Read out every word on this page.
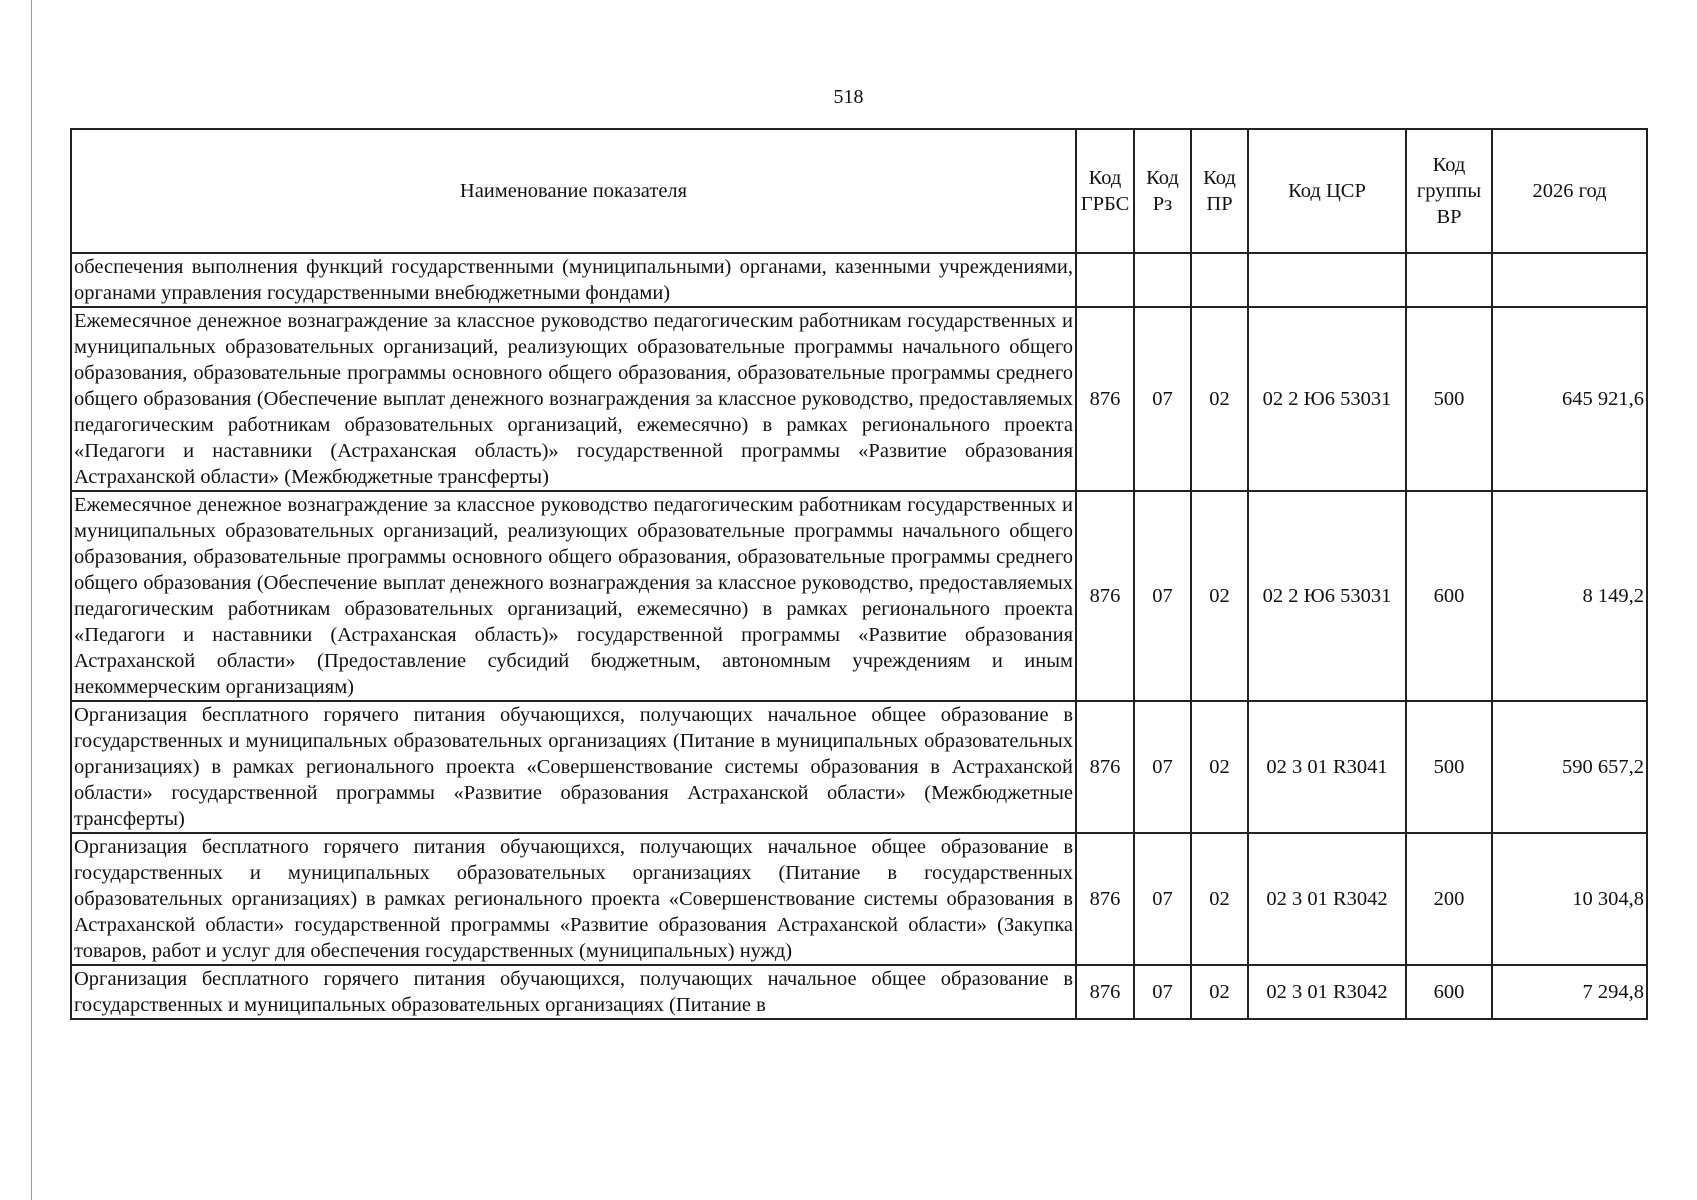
518
Наименование показателя	Код ГРБС	Код Рз	Код ПР	Код ЦСР	Код группы ВР	2026 год
обеспечения выполнения функций государственными (муниципальными) органами, казенными учреждениями, органами управления государственными внебюджетными фондами)						
Ежемесячное денежное вознаграждение за классное руководство педагогическим работникам государственных и муниципальных образовательных организаций, реализующих образовательные программы начального общего образования, образовательные программы основного общего образования, образовательные программы среднего общего образования (Обеспечение выплат денежного вознаграждения за классное руководство, предоставляемых педагогическим работникам образовательных организаций, ежемесячно) в рамках регионального проекта «Педагоги и наставники (Астраханская область)» государственной программы «Развитие образования Астраханской области» (Межбюджетные трансферты)	876	07	02	02 2 Ю6 53031	500	645 921,6
Ежемесячное денежное вознаграждение за классное руководство педагогическим работникам государственных и муниципальных образовательных организаций, реализующих образовательные программы начального общего образования, образовательные программы основного общего образования, образовательные программы среднего общего образования (Обеспечение выплат денежного вознаграждения за классное руководство, предоставляемых педагогическим работникам образовательных организаций, ежемесячно) в рамках регионального проекта «Педагоги и наставники (Астраханская область)» государственной программы «Развитие образования Астраханской области» (Предоставление субсидий бюджетным, автономным учреждениям и иным некоммерческим организациям)	876	07	02	02 2 Ю6 53031	600	8 149,2
Организация бесплатного горячего питания обучающихся, получающих начальное общее образование в государственных и муниципальных образовательных организациях (Питание в муниципальных образовательных организациях) в рамках регионального проекта «Совершенствование системы образования в Астраханской области» государственной программы «Развитие образования Астраханской области» (Межбюджетные трансферты)	876	07	02	02 3 01 R3041	500	590 657,2
Организация бесплатного горячего питания обучающихся, получающих начальное общее образование в государственных и муниципальных образовательных организациях (Питание в государственных образовательных организациях) в рамках регионального проекта «Совершенствование системы образования в Астраханской области» государственной программы «Развитие образования Астраханской области» (Закупка товаров, работ и услуг для обеспечения государственных (муниципальных) нужд)	876	07	02	02 3 01 R3042	200	10 304,8
Организация бесплатного горячего питания обучающихся, получающих начальное общее образование в государственных и муниципальных образовательных организациях (Питание в	876	07	02	02 3 01 R3042	600	7 294,8
